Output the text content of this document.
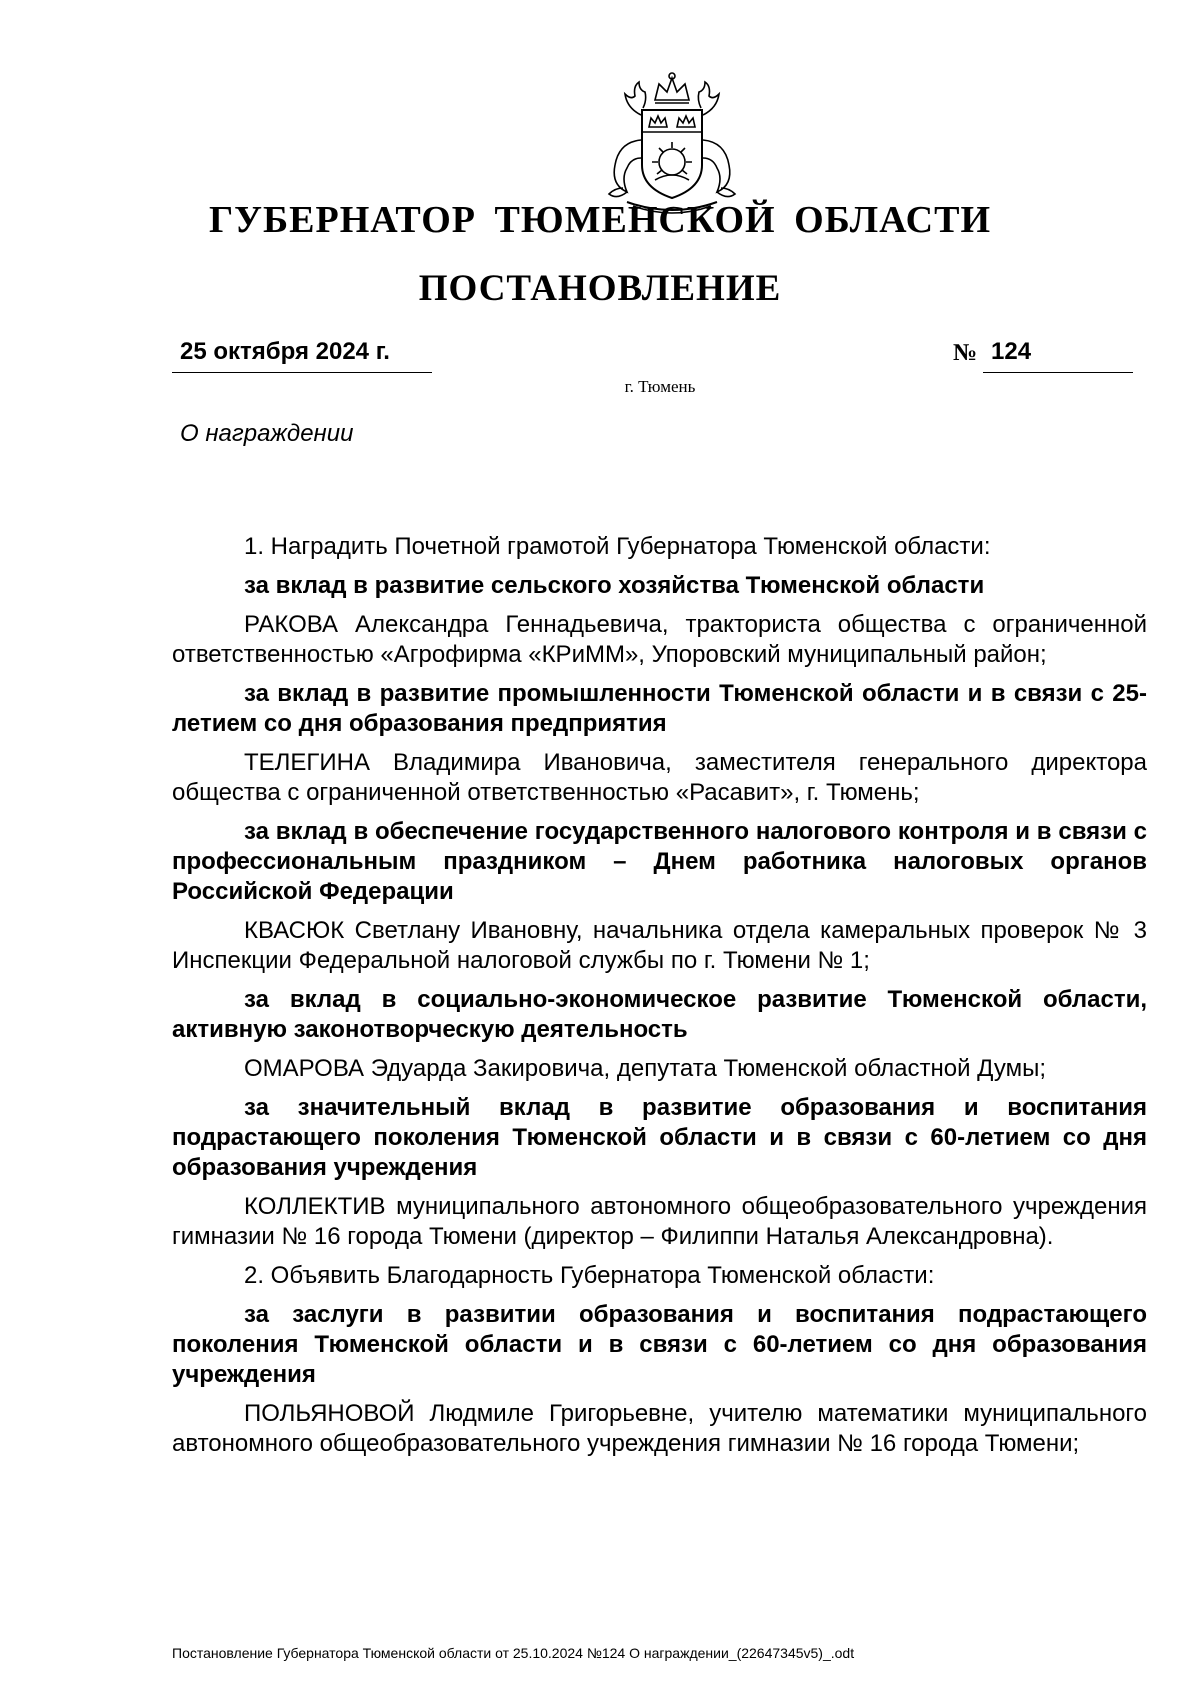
ГУБЕРНАТОР ТЮМЕНСКОЙ ОБЛАСТИ
ПОСТАНОВЛЕНИЕ
25 октября 2024 г.	№ 124
г. Тюмень
О награждении

1. Наградить Почетной грамотой Губернатора Тюменской области:

за вклад в развитие сельского хозяйства Тюменской области

РАКОВА Александра Геннадьевича, тракториста общества с ограниченной ответственностью «Агрофирма «КРиММ», Упоровский муниципальный район;

за вклад в развитие промышленности Тюменской области и в связи с 25-летием со дня образования предприятия

ТЕЛЕГИНА Владимира Ивановича, заместителя генерального директора общества с ограниченной ответственностью «Расавит», г. Тюмень;

за вклад в обеспечение государственного налогового контроля и в связи с профессиональным праздником – Днем работника налоговых органов Российской Федерации

КВАСЮК Светлану Ивановну, начальника отдела камеральных проверок № 3 Инспекции Федеральной налоговой службы по г. Тюмени № 1;

за вклад в социально-экономическое развитие Тюменской области, активную законотворческую деятельность

ОМАРОВА Эдуарда Закировича, депутата Тюменской областной Думы;

за значительный вклад в развитие образования и воспитания подрастающего поколения Тюменской области и в связи с 60-летием со дня образования учреждения

КОЛЛЕКТИВ муниципального автономного общеобразовательного учреждения гимназии № 16 города Тюмени (директор – Филиппи Наталья Александровна).

2. Объявить Благодарность Губернатора Тюменской области:

за заслуги в развитии образования и воспитания подрастающего поколения Тюменской области и в связи с 60-летием со дня образования учреждения

ПОЛЬЯНОВОЙ Людмиле Григорьевне, учителю математики муниципального автономного общеобразовательного учреждения гимназии № 16 города Тюмени;

Постановление Губернатора Тюменской области от 25.10.2024 №124 О награждении_(22647345v5)_.odt
